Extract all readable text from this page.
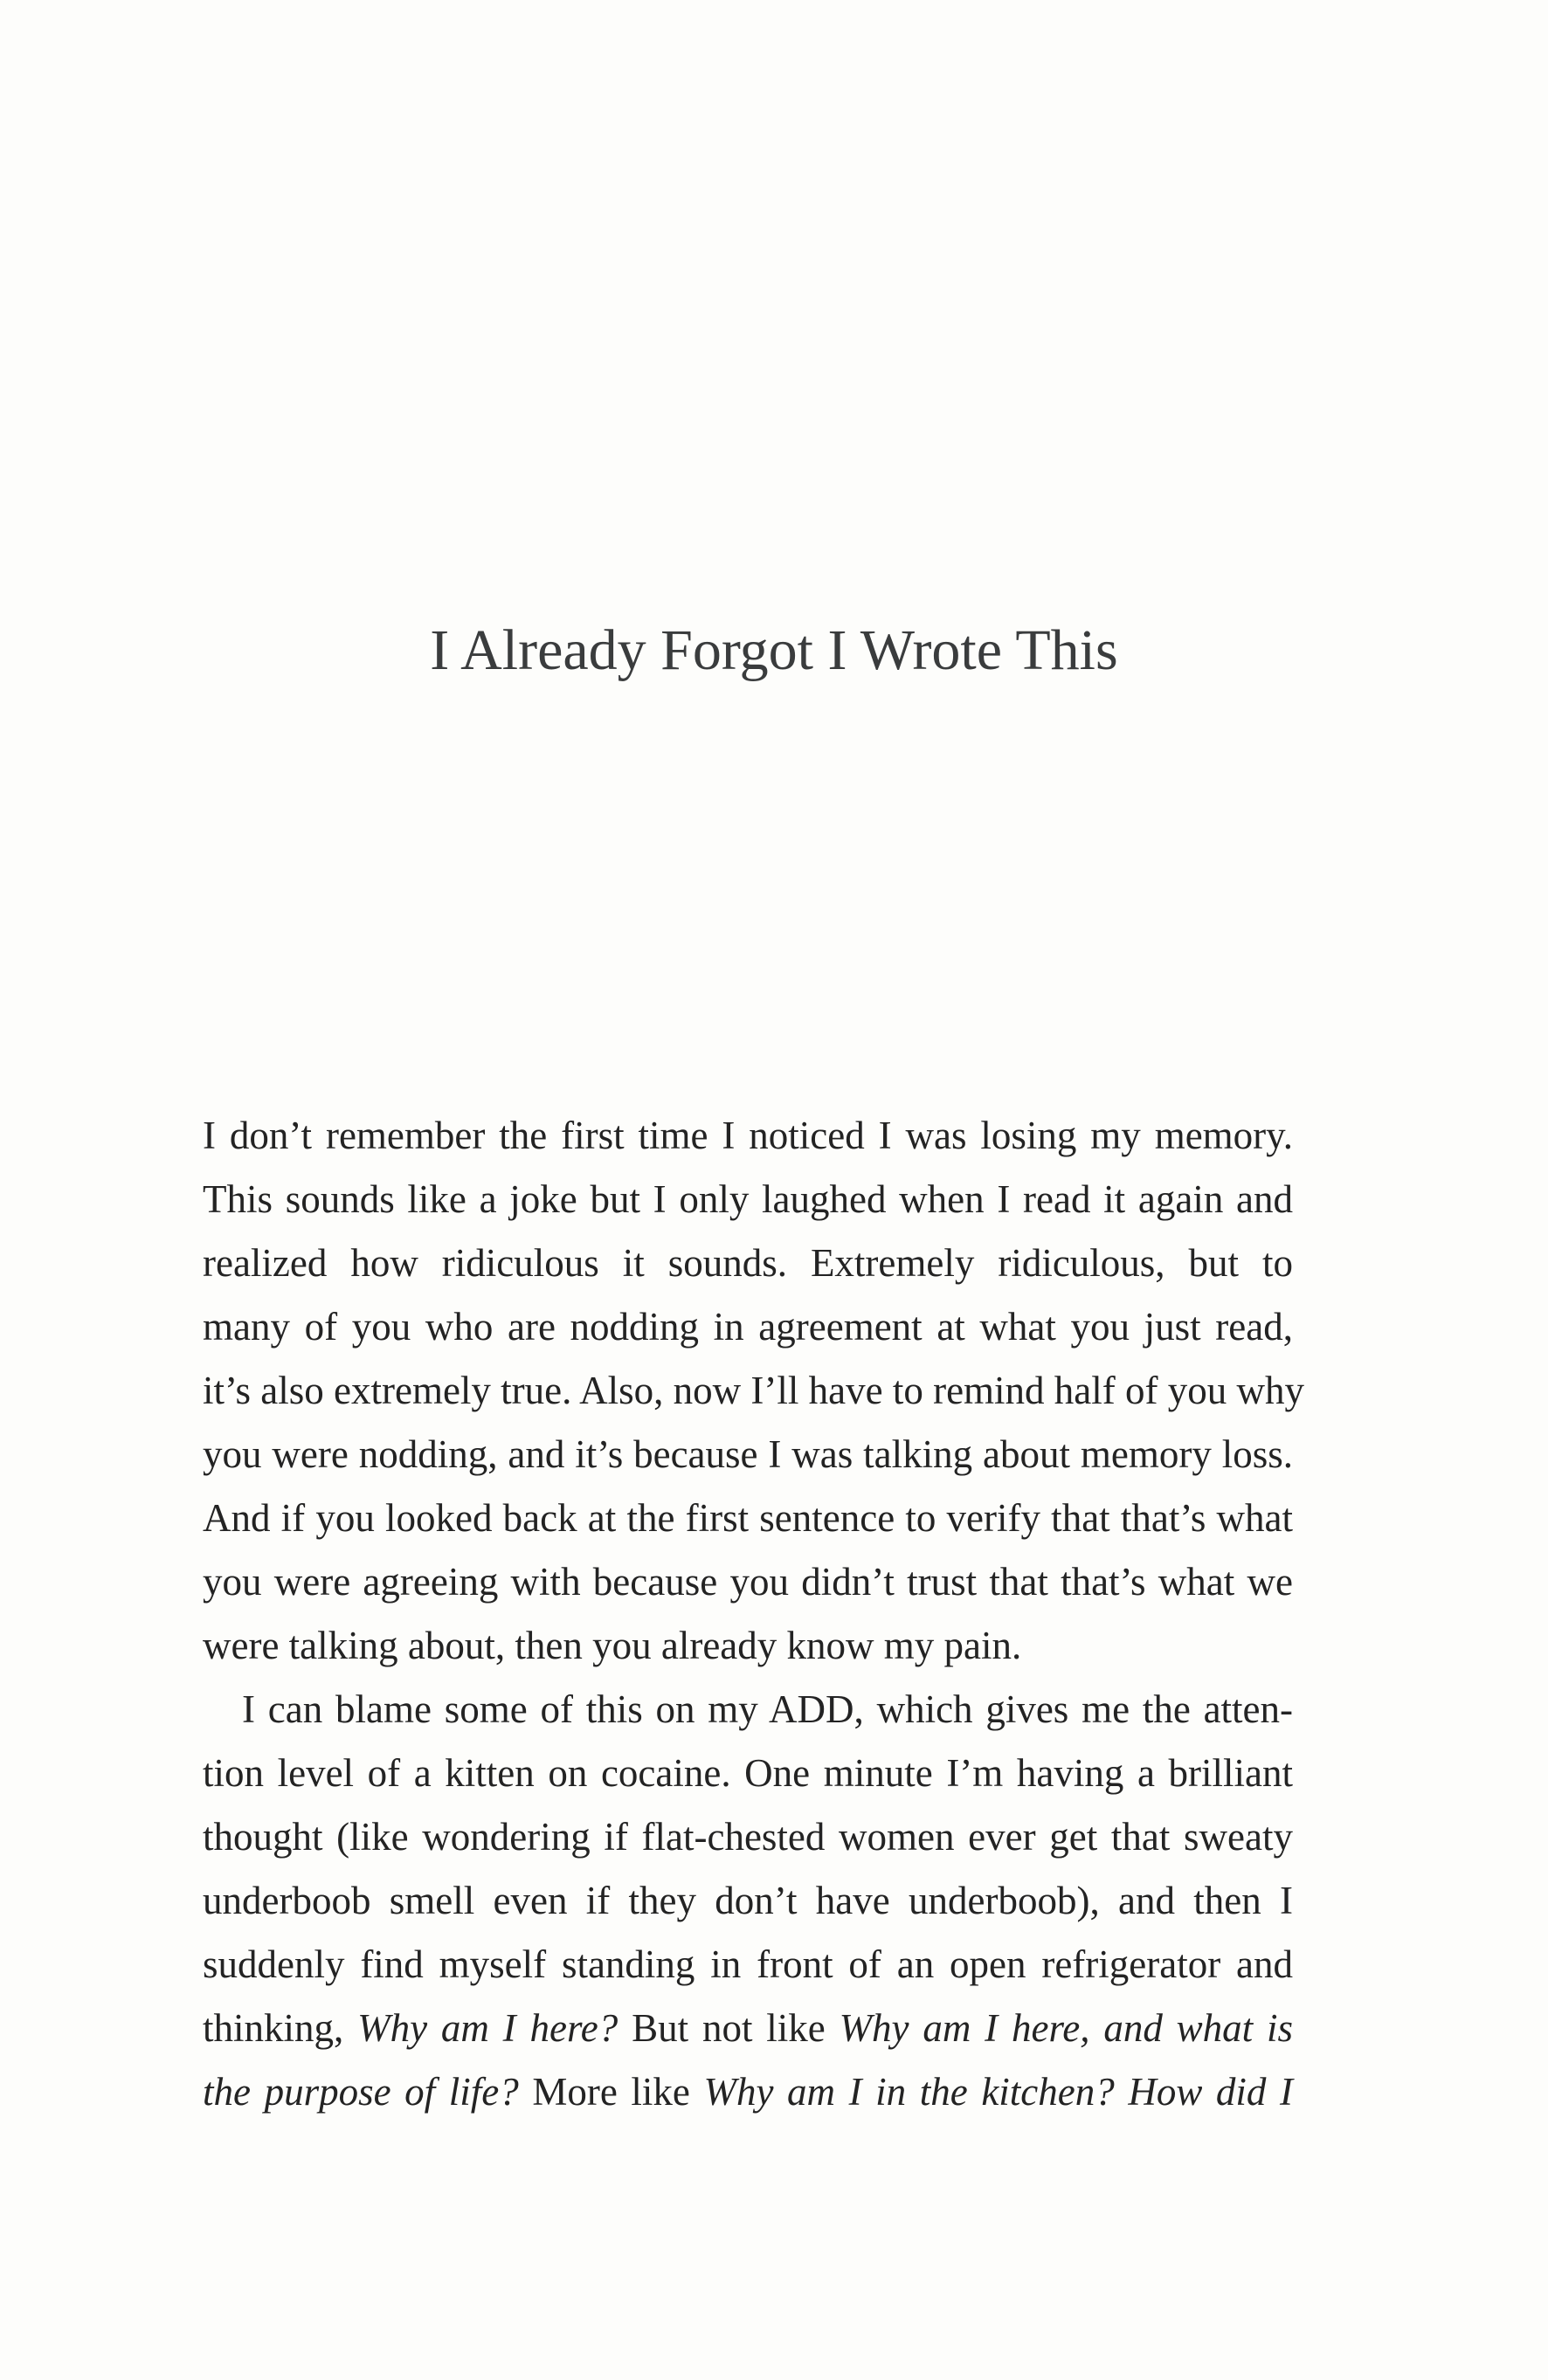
I Already Forgot I Wrote This
I don’t remember the first time I noticed I was losing my memory.
This sounds like a joke but I only laughed when I read it again and
realized how ridiculous it sounds. Extremely ridiculous, but to
many of you who are nodding in agreement at what you just read,
it’s also extremely true. Also, now I’ll have to remind half of you why
you were nodding, and it’s because I was talking about memory loss.
And if you looked back at the first sentence to verify that that’s what
you were agreeing with because you didn’t trust that that’s what we
were talking about, then you already know my pain.
I can blame some of this on my ADD, which gives me the atten-
tion level of a kitten on cocaine. One minute I’m having a brilliant
thought (like wondering if flat-chested women ever get that sweaty
underboob smell even if they don’t have underboob), and then I
suddenly find myself standing in front of an open refrigerator and
thinking, Why am I here? But not like Why am I here, and what is
the purpose of life? More like Why am I in the kitchen? How did I
